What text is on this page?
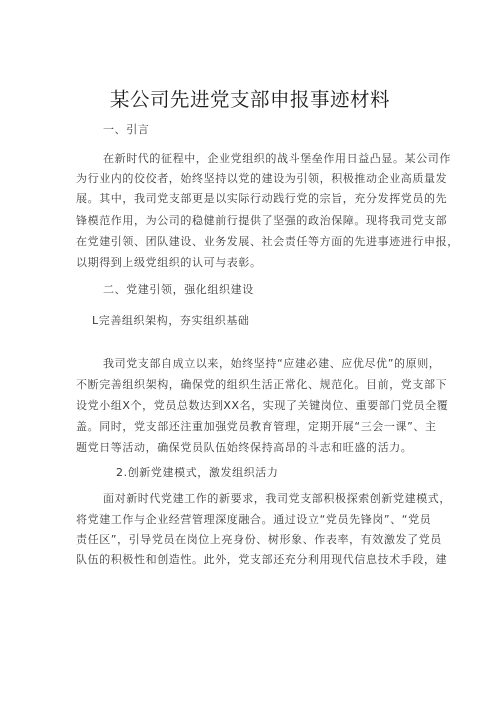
某公司先进党支部申报事迹材料
一、引言
在新时代的征程中，企业党组织的战斗堡垒作用日益凸显。某公司作
为行业内的佼佼者，始终坚持以党的建设为引领，积极推动企业高质量发
展。其中，我司党支部更是以实际行动践行党的宗旨，充分发挥党员的先
锋模范作用，为公司的稳健前行提供了坚强的政治保障。现将我司党支部
在党建引领、团队建设、业务发展、社会责任等方面的先进事迹进行申报，
以期得到上级党组织的认可与表彰。
二、党建引领，强化组织建设
L完善组织架构，夯实组织基础
我司党支部自成立以来，始终坚持“应建必建、应优尽优”的原则，
不断完善组织架构，确保党的组织生活正常化、规范化。目前，党支部下
设党小组X个，党员总数达到XX名，实现了关键岗位、重要部门党员全覆
盖。同时，党支部还注重加强党员教育管理，定期开展“三会一课”、主
题党日等活动，确保党员队伍始终保持高昂的斗志和旺盛的活力。
2.创新党建模式，激发组织活力
面对新时代党建工作的新要求，我司党支部积极探索创新党建模式，
将党建工作与企业经营管理深度融合。通过设立“党员先锋岗”、“党员
责任区”，引导党员在岗位上亮身份、树形象、作表率，有效激发了党员
队伍的积极性和创造性。此外，党支部还充分利用现代信息技术手段，建
